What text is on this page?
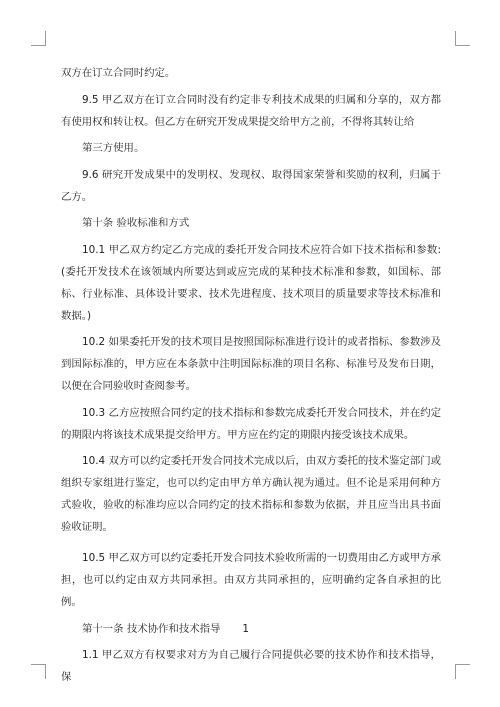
双方在订立合同时约定。

9.5 甲乙双方在订立合同时没有约定非专利技术成果的归属和分享的，双方都有使用权和转让权。但乙方在研究开发成果提交给甲方之前，不得将其转让给

第三方使用。

9.6 研究开发成果中的发明权、发现权、取得国家荣誉和奖励的权利，归属于乙方。

第十条 验收标准和方式

10.1 甲乙双方约定乙方完成的委托开发合同技术应符合如下技术指标和参数:(委托开发技术在该领域内所要达到或应完成的某种技术标准和参数，如国标、部标、行业标准、具体设计要求、技术先进程度、技术项目的质量要求等技术标准和数据。)

10.2 如果委托开发的技术项目是按照国际标准进行设计的或者指标、参数涉及到国际标准的，甲方应在本条款中注明国际标准的项目名称、标准号及发布日期，以便在合同验收时查阅参考。

10.3 乙方应按照合同约定的技术指标和参数完成委托开发合同技术，并在约定的期限内将该技术成果提交给甲方。甲方应在约定的期限内接受该技术成果。

10.4 双方可以约定委托开发合同技术完成以后，由双方委托的技术鉴定部门或组织专家组进行鉴定，也可以约定由甲方单方确认视为通过。但不论是采用何种方式验收，验收的标准均应以合同约定的技术指标和参数为依据，并且应当出具书面验收证明。

10.5 甲乙双方可以约定委托开发合同技术验收所需的一切费用由乙方或甲方承担，也可以约定由双方共同承担。由双方共同承担的，应明确约定各自承担的比例。

第十一条 技术协作和技术指导 1

1.1 甲乙双方有权要求对方为自己履行合同提供必要的技术协作和技术指导，保
